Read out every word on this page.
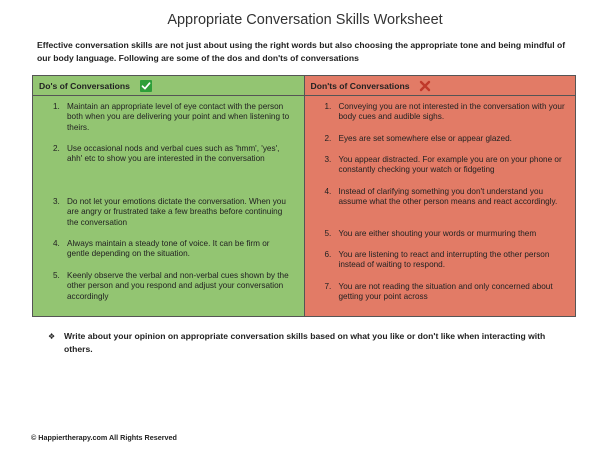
Appropriate Conversation Skills Worksheet
Effective conversation skills are not just about using the right words but also choosing the appropriate tone and being mindful of our body language. Following are some of the dos and don'ts of conversations
Do's of Conversations
1. Maintain an appropriate level of eye contact with the person both when you are delivering your point and when listening to theirs.
2. Use occasional nods and verbal cues such as 'hmm', 'yes', ahh' etc to show you are interested in the conversation
3. Do not let your emotions dictate the conversation. When you are angry or frustrated take a few breaths before continuing the conversation
4. Always maintain a steady tone of voice. It can be firm or gentle depending on the situation.
5. Keenly observe the verbal and non-verbal cues shown by the other person and you respond and adjust your conversation accordingly
Don'ts of Conversations
1. Conveying you are not interested in the conversation with your body cues and audible sighs.
2. Eyes are set somewhere else or appear glazed.
3. You appear distracted. For example you are on your phone or constantly checking your watch or fidgeting
4. Instead of clarifying something you don't understand you assume what the other person means and react accordingly.
5. You are either shouting your words or murmuring them
6. You are listening to react and interrupting the other person instead of waiting to respond.
7. You are not reading the situation and only concerned about getting your point across
❖	Write about your opinion on appropriate conversation skills based on what you like or don't like when interacting with others.
© Happiertherapy.com All Rights Reserved
